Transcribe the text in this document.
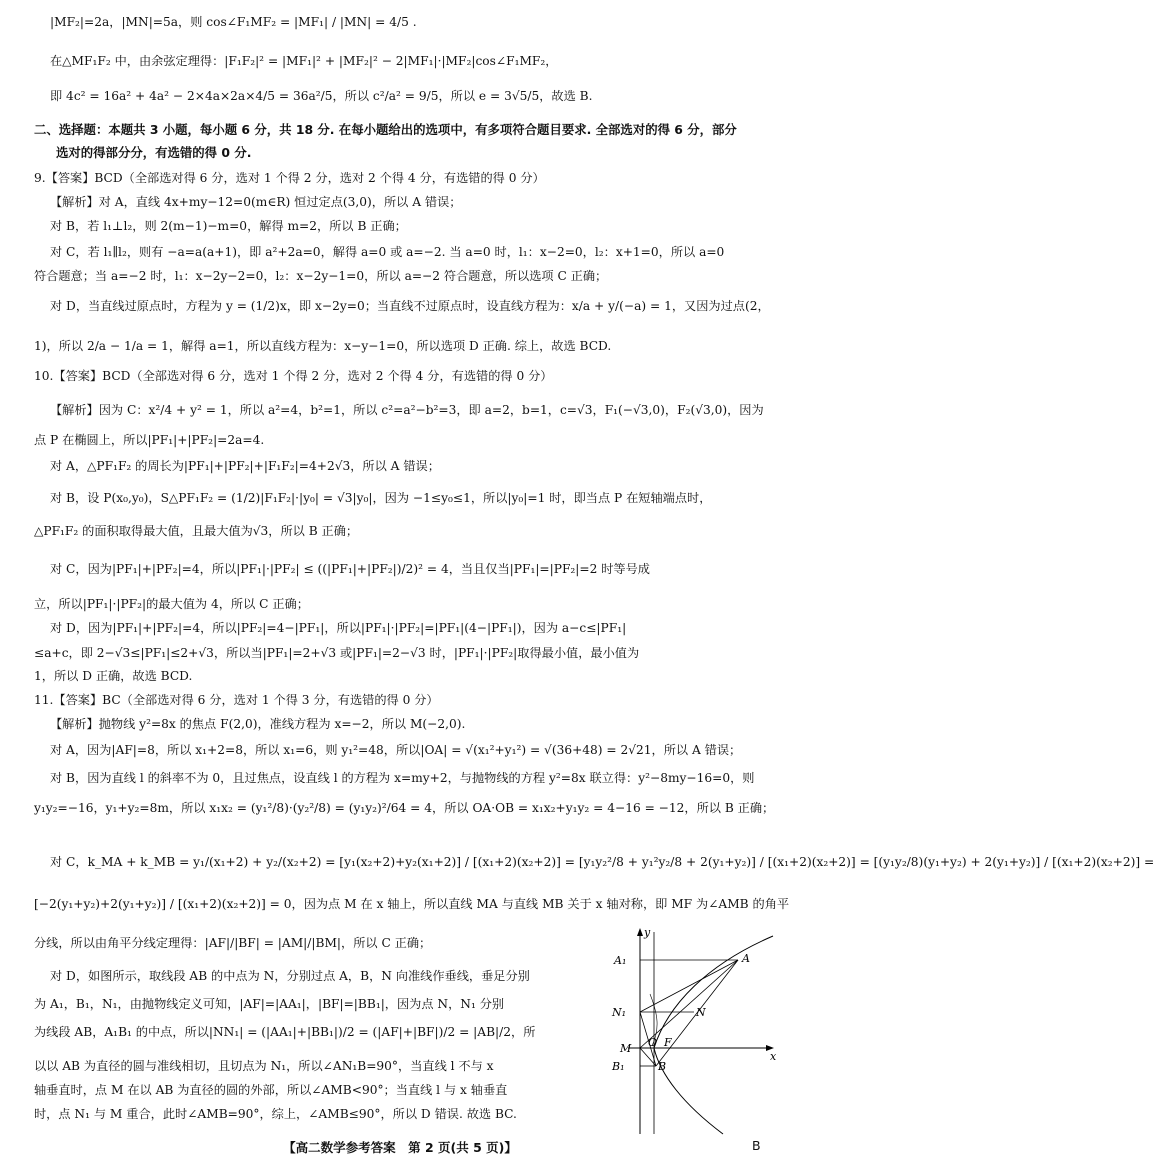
|MF₂|=2a，|MN|=5a，则 cos∠F₁MF₂ = |MF₁| / |MN| = 4/5 .
在△MF₁F₂ 中，由余弦定理得：|F₁F₂|² = |MF₁|² + |MF₂|² − 2|MF₁|·|MF₂|cos∠F₁MF₂，
即 4c² = 16a² + 4a² − 2×4a×2a×4/5 = 36a²/5，所以 c²/a² = 9/5，所以 e = 3√5/5，故选 B.
二、选择题：本题共 3 小题，每小题 6 分，共 18 分. 在每小题给出的选项中，有多项符合题目要求. 全部选对的得 6 分，部分
选对的得部分分，有选错的得 0 分.
9.【答案】BCD（全部选对得 6 分，选对 1 个得 2 分，选对 2 个得 4 分，有选错的得 0 分）
【解析】对 A，直线 4x+my−12=0(m∈R) 恒过定点(3,0)，所以 A 错误；
对 B，若 l₁⊥l₂，则 2(m−1)−m=0，解得 m=2，所以 B 正确；
对 C，若 l₁∥l₂，则有 −a=a(a+1)，即 a²+2a=0，解得 a=0 或 a=−2. 当 a=0 时，l₁：x−2=0，l₂：x+1=0，所以 a=0
符合题意；当 a=−2 时，l₁：x−2y−2=0，l₂：x−2y−1=0，所以 a=−2 符合题意，所以选项 C 正确；
对 D，当直线过原点时，方程为 y = (1/2)x，即 x−2y=0；当直线不过原点时，设直线方程为：x/a + y/(−a) = 1，又因为过点(2，
1)，所以 2/a − 1/a = 1，解得 a=1，所以直线方程为：x−y−1=0，所以选项 D 正确. 综上，故选 BCD.
10.【答案】BCD（全部选对得 6 分，选对 1 个得 2 分，选对 2 个得 4 分，有选错的得 0 分）
【解析】因为 C：x²/4 + y² = 1，所以 a²=4，b²=1，所以 c²=a²−b²=3，即 a=2，b=1，c=√3，F₁(−√3,0)，F₂(√3,0)，因为
点 P 在椭圆上，所以|PF₁|+|PF₂|=2a=4.
对 A，△PF₁F₂ 的周长为|PF₁|+|PF₂|+|F₁F₂|=4+2√3，所以 A 错误；
对 B，设 P(x₀,y₀)，S△PF₁F₂ = (1/2)|F₁F₂|·|y₀| = √3|y₀|，因为 −1≤y₀≤1，所以|y₀|=1 时，即当点 P 在短轴端点时，
△PF₁F₂ 的面积取得最大值，且最大值为√3，所以 B 正确；
对 C，因为|PF₁|+|PF₂|=4，所以|PF₁|·|PF₂| ≤ ((|PF₁|+|PF₂|)/2)² = 4，当且仅当|PF₁|=|PF₂|=2 时等号成
立，所以|PF₁|·|PF₂|的最大值为 4，所以 C 正确；
对 D，因为|PF₁|+|PF₂|=4，所以|PF₂|=4−|PF₁|，所以|PF₁|·|PF₂|=|PF₁|(4−|PF₁|)，因为 a−c≤|PF₁|
≤a+c，即 2−√3≤|PF₁|≤2+√3，所以当|PF₁|=2+√3 或|PF₁|=2−√3 时，|PF₁|·|PF₂|取得最小值，最小值为
1，所以 D 正确，故选 BCD.
11.【答案】BC（全部选对得 6 分，选对 1 个得 3 分，有选错的得 0 分）
【解析】抛物线 y²=8x 的焦点 F(2,0)，准线方程为 x=−2，所以 M(−2,0).
对 A，因为|AF|=8，所以 x₁+2=8，所以 x₁=6，则 y₁²=48，所以|OA| = √(x₁²+y₁²) = √(36+48) = 2√21，所以 A 错误；
对 B，因为直线 l 的斜率不为 0，且过焦点，设直线 l 的方程为 x=my+2，与抛物线的方程 y²=8x 联立得：y²−8my−16=0，则
y₁y₂=−16，y₁+y₂=8m，所以 x₁x₂ = (y₁²/8)·(y₂²/8) = (y₁y₂)²/64 = 4，所以 OA·OB = x₁x₂+y₁y₂ = 4−16 = −12，所以 B 正确；
对 C，k_MA + k_MB = y₁/(x₁+2) + y₂/(x₂+2) = [y₁(x₂+2)+y₂(x₁+2)] / [(x₁+2)(x₂+2)] = [y₁y₂²/8 + y₁²y₂/8 + 2(y₁+y₂)] / [(x₁+2)(x₂+2)] = [(y₁y₂/8)(y₁+y₂) + 2(y₁+y₂)] / [(x₁+2)(x₂+2)] =
[−2(y₁+y₂)+2(y₁+y₂)] / [(x₁+2)(x₂+2)] = 0，因为点 M 在 x 轴上，所以直线 MA 与直线 MB 关于 x 轴对称，即 MF 为∠AMB 的角平
分线，所以由角平分线定理得：|AF|/|BF| = |AM|/|BM|，所以 C 正确；
对 D，如图所示，取线段 AB 的中点为 N，分别过点 A，B，N 向准线作垂线，垂足分别
为 A₁，B₁，N₁，由抛物线定义可知，|AF|=|AA₁|，|BF|=|BB₁|，因为点 N，N₁ 分别
为线段 AB，A₁B₁ 的中点，所以|NN₁| = (|AA₁|+|BB₁|)/2 = (|AF|+|BF|)/2 = |AB|/2，所
以以 AB 为直径的圆与准线相切，且切点为 N₁，所以∠AN₁B=90°，当直线 l 不与 x
轴垂直时，点 M 在以 AB 为直径的圆的外部，所以∠AMB<90°；当直线 l 与 x 轴垂直
时，点 N₁ 与 M 重合，此时∠AMB=90°，综上，∠AMB≤90°，所以 D 错误. 故选 BC.
y
A₁	A
N₁	N
M O F
x
B₁	B
【高二数学参考答案　第 2 页(共 5 页)】	B
